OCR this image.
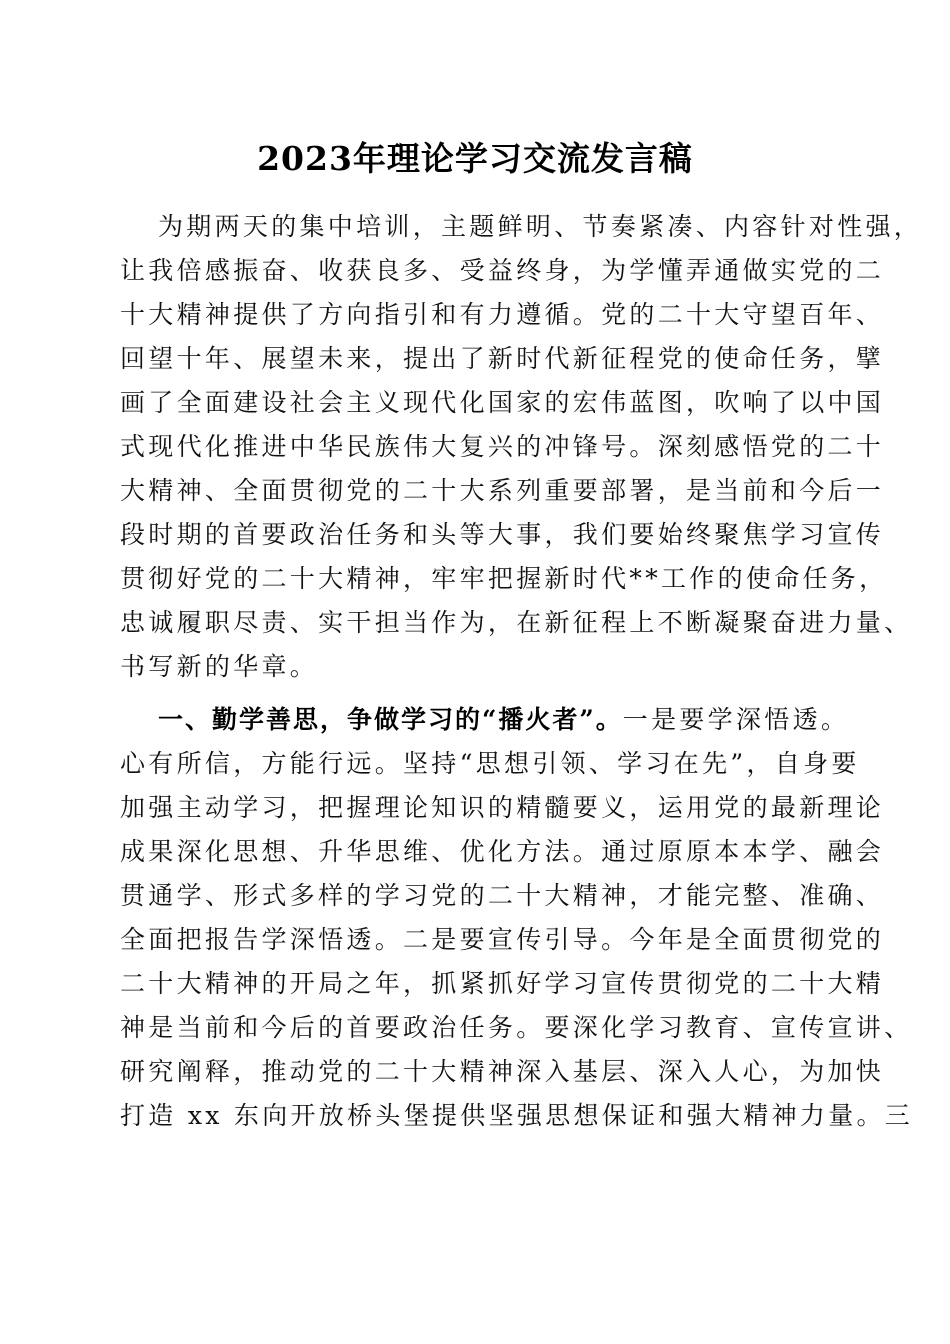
2023年理论学习交流发言稿
为期两天的集中培训，主题鲜明、节奏紧凑、内容针对性强，
让我倍感振奋、收获良多、受益终身，为学懂弄通做实党的二
十大精神提供了方向指引和有力遵循。党的二十大守望百年、
回望十年、展望未来，提出了新时代新征程党的使命任务，擘
画了全面建设社会主义现代化国家的宏伟蓝图，吹响了以中国
式现代化推进中华民族伟大复兴的冲锋号。深刻感悟党的二十
大精神、全面贯彻党的二十大系列重要部署，是当前和今后一
段时期的首要政治任务和头等大事，我们要始终聚焦学习宣传
贯彻好党的二十大精神，牢牢把握新时代**工作的使命任务，
忠诚履职尽责、实干担当作为，在新征程上不断凝聚奋进力量、
书写新的华章。
一、勤学善思，争做学习的“播火者”。一是要学深悟透。
心有所信，方能行远。坚持“思想引领、学习在先”，自身要
加强主动学习，把握理论知识的精髓要义，运用党的最新理论
成果深化思想、升华思维、优化方法。通过原原本本学、融会
贯通学、形式多样的学习党的二十大精神，才能完整、准确、
全面把报告学深悟透。二是要宣传引导。今年是全面贯彻党的
二十大精神的开局之年，抓紧抓好学习宣传贯彻党的二十大精
神是当前和今后的首要政治任务。要深化学习教育、宣传宣讲、
研究阐释，推动党的二十大精神深入基层、深入人心，为加快
打造 xx 东向开放桥头堡提供坚强思想保证和强大精神力量。三
